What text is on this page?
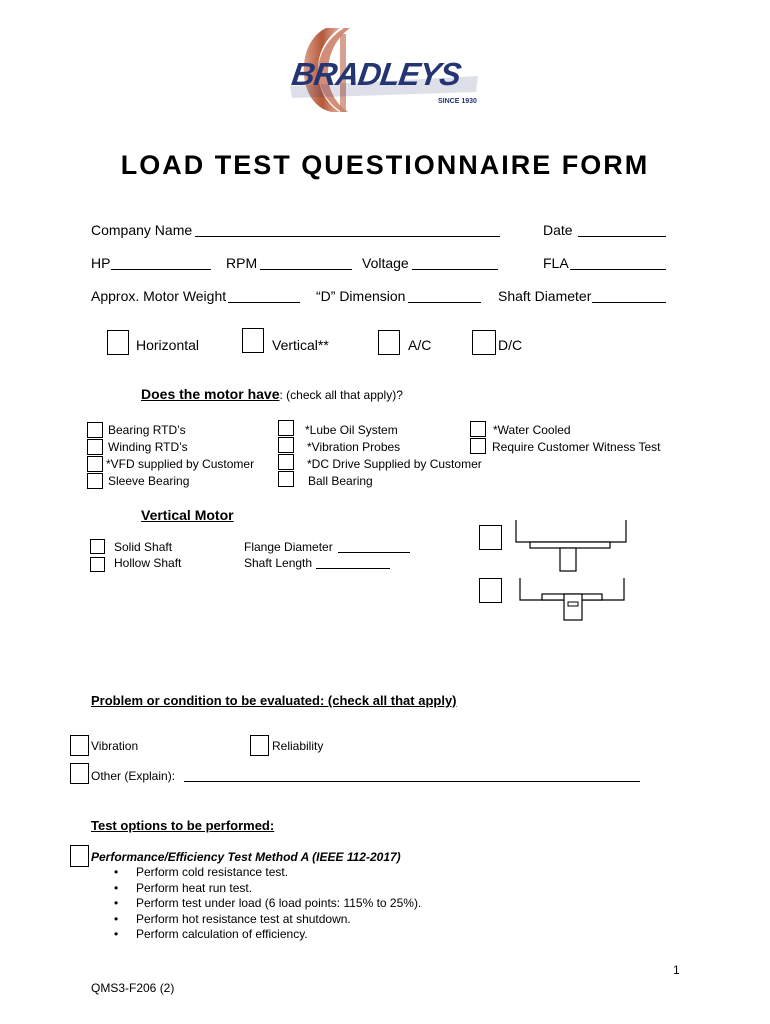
BRADLEYS
SINCE 1930
LOAD TEST QUESTIONNAIRE FORM
Company Name	Date
HP	RPM	Voltage	FLA
Approx. Motor Weight	“D” Dimension	Shaft Diameter
Horizontal	Vertical**	A/C	D/C
Does the motor have: (check all that apply)?
Bearing RTD’s
Winding RTD’s
*VFD supplied by Customer
Sleeve Bearing
*Lube Oil System
*Vibration Probes
*DC Drive Supplied by Customer
Ball Bearing
*Water Cooled
Require Customer Witness Test
Vertical Motor
Solid Shaft
Hollow Shaft
Flange Diameter
Shaft Length
Problem or condition to be evaluated: (check all that apply)
Vibration	Reliability
Other (Explain):
Test options to be performed:
Performance/Efficiency Test Method A (IEEE 112-2017)
• Perform cold resistance test.
• Perform heat run test.
• Perform test under load (6 load points: 115% to 25%).
• Perform hot resistance test at shutdown.
• Perform calculation of efficiency.
1
QMS3-F206 (2)
